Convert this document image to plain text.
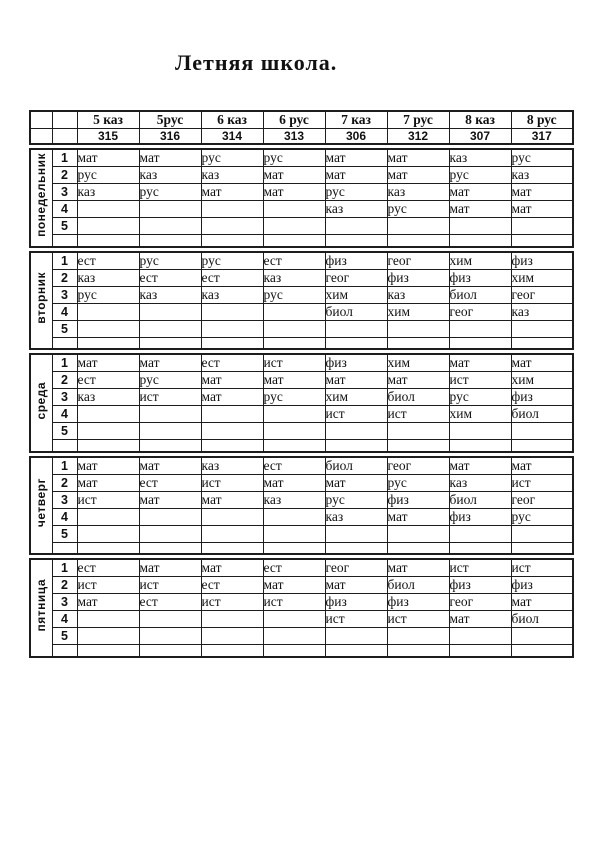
Летняя школа.
		5 каз	5рус	6 каз	6 рус	7 каз	7 рус	8 каз	8 рус
		315	316	314	313	306	312	307	317
понедельник	1	мат	мат	рус	рус	мат	мат	каз	рус
	2	рус	каз	каз	мат	мат	мат	рус	каз
	3	каз	рус	мат	мат	рус	каз	мат	мат
	4					каз	рус	мат	мат
	5								

вторник	1	ест	рус	рус	ест	физ	геог	хим	физ
	2	каз	ест	ест	каз	геог	физ	физ	хим
	3	рус	каз	каз	рус	хим	каз	биол	геог
	4					биол	хим	геог	каз
	5								

среда	1	мат	мат	ест	ист	физ	хим	мат	мат
	2	ест	рус	мат	мат	мат	мат	ист	хим
	3	каз	ист	мат	рус	хим	биол	рус	физ
	4					ист	ист	хим	биол
	5								

четверг	1	мат	мат	каз	ест	биол	геог	мат	мат
	2	мат	ест	ист	мат	мат	рус	каз	ист
	3	ист	мат	мат	каз	рус	физ	биол	геог
	4					каз	мат	физ	рус
	5								

пятница	1	ест	мат	мат	ест	геог	мат	ист	ист
	2	ист	ист	ест	мат	мат	биол	физ	физ
	3	мат	ест	ист	ист	физ	физ	геог	мат
	4					ист	ист	мат	биол
	5								
